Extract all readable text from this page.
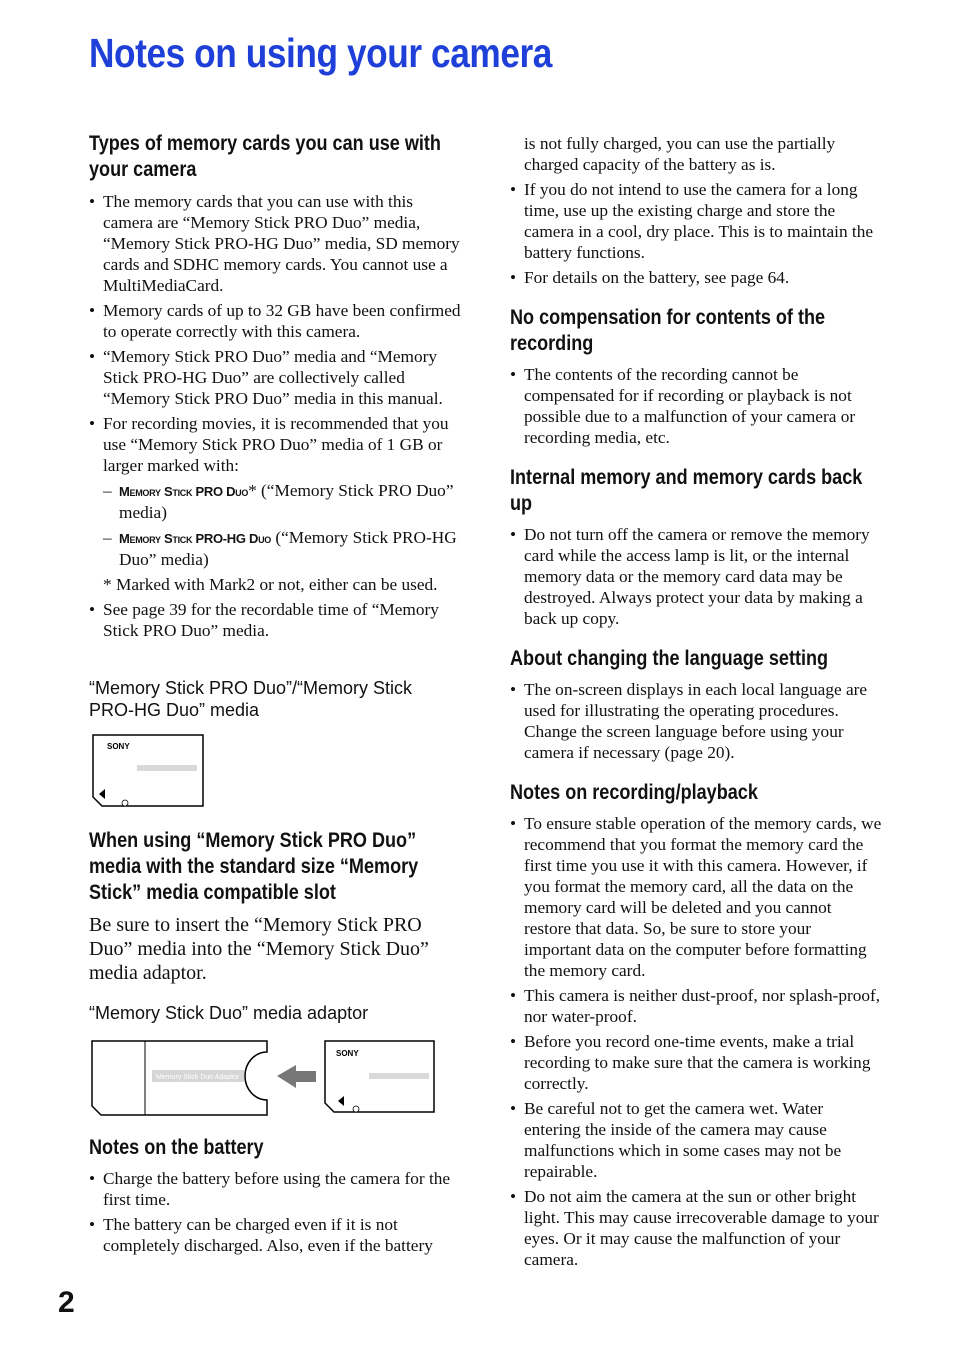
Notes on using your camera
Types of memory cards you can use with your camera
• The memory cards that you can use with this camera are “Memory Stick PRO Duo” media, “Memory Stick PRO-HG Duo” media, SD memory cards and SDHC memory cards. You cannot use a MultiMediaCard.
• Memory cards of up to 32 GB have been confirmed to operate correctly with this camera.
• “Memory Stick PRO Duo” media and “Memory Stick PRO-HG Duo” are collectively called “Memory Stick PRO Duo” media in this manual.
• For recording movies, it is recommended that you use “Memory Stick PRO Duo” media of 1 GB or larger marked with:
– Memory Stick PRO Duo* (“Memory Stick PRO Duo” media)
– Memory Stick PRO-HG Duo (“Memory Stick PRO-HG Duo” media)
* Marked with Mark2 or not, either can be used.
• See page 39 for the recordable time of “Memory Stick PRO Duo” media.

“Memory Stick PRO Duo”/“Memory Stick PRO-HG Duo” media

SONY
When using “Memory Stick PRO Duo” media with the standard size “Memory Stick” media compatible slot

Be sure to insert the “Memory Stick PRO Duo” media into the “Memory Stick Duo” media adaptor.

“Memory Stick Duo” media adaptor

Memory Stick Duo Adaptor
SONY
Notes on the battery
• Charge the battery before using the camera for the first time.
• The battery can be charged even if it is not completely discharged. Also, even if the battery
is not fully charged, you can use the partially charged capacity of the battery as is.
• If you do not intend to use the camera for a long time, use up the existing charge and store the camera in a cool, dry place. This is to maintain the battery functions.
• For details on the battery, see page 64.
No compensation for contents of the recording
• The contents of the recording cannot be compensated for if recording or playback is not possible due to a malfunction of your camera or recording media, etc.
Internal memory and memory cards back up
• Do not turn off the camera or remove the memory card while the access lamp is lit, or the internal memory data or the memory card data may be destroyed. Always protect your data by making a back up copy.
About changing the language setting
• The on-screen displays in each local language are used for illustrating the operating procedures. Change the screen language before using your camera if necessary (page 20).
Notes on recording/playback
• To ensure stable operation of the memory cards, we recommend that you format the memory card the first time you use it with this camera. However, if you format the memory card, all the data on the memory card will be deleted and you cannot restore that data. So, be sure to store your important data on the computer before formatting the memory card.
• This camera is neither dust-proof, nor splash-proof, nor water-proof.
• Before you record one-time events, make a trial recording to make sure that the camera is working correctly.
• Be careful not to get the camera wet. Water entering the inside of the camera may cause malfunctions which in some cases may not be repairable.
• Do not aim the camera at the sun or other bright light. This may cause irrecoverable damage to your eyes. Or it may cause the malfunction of your camera.
2
